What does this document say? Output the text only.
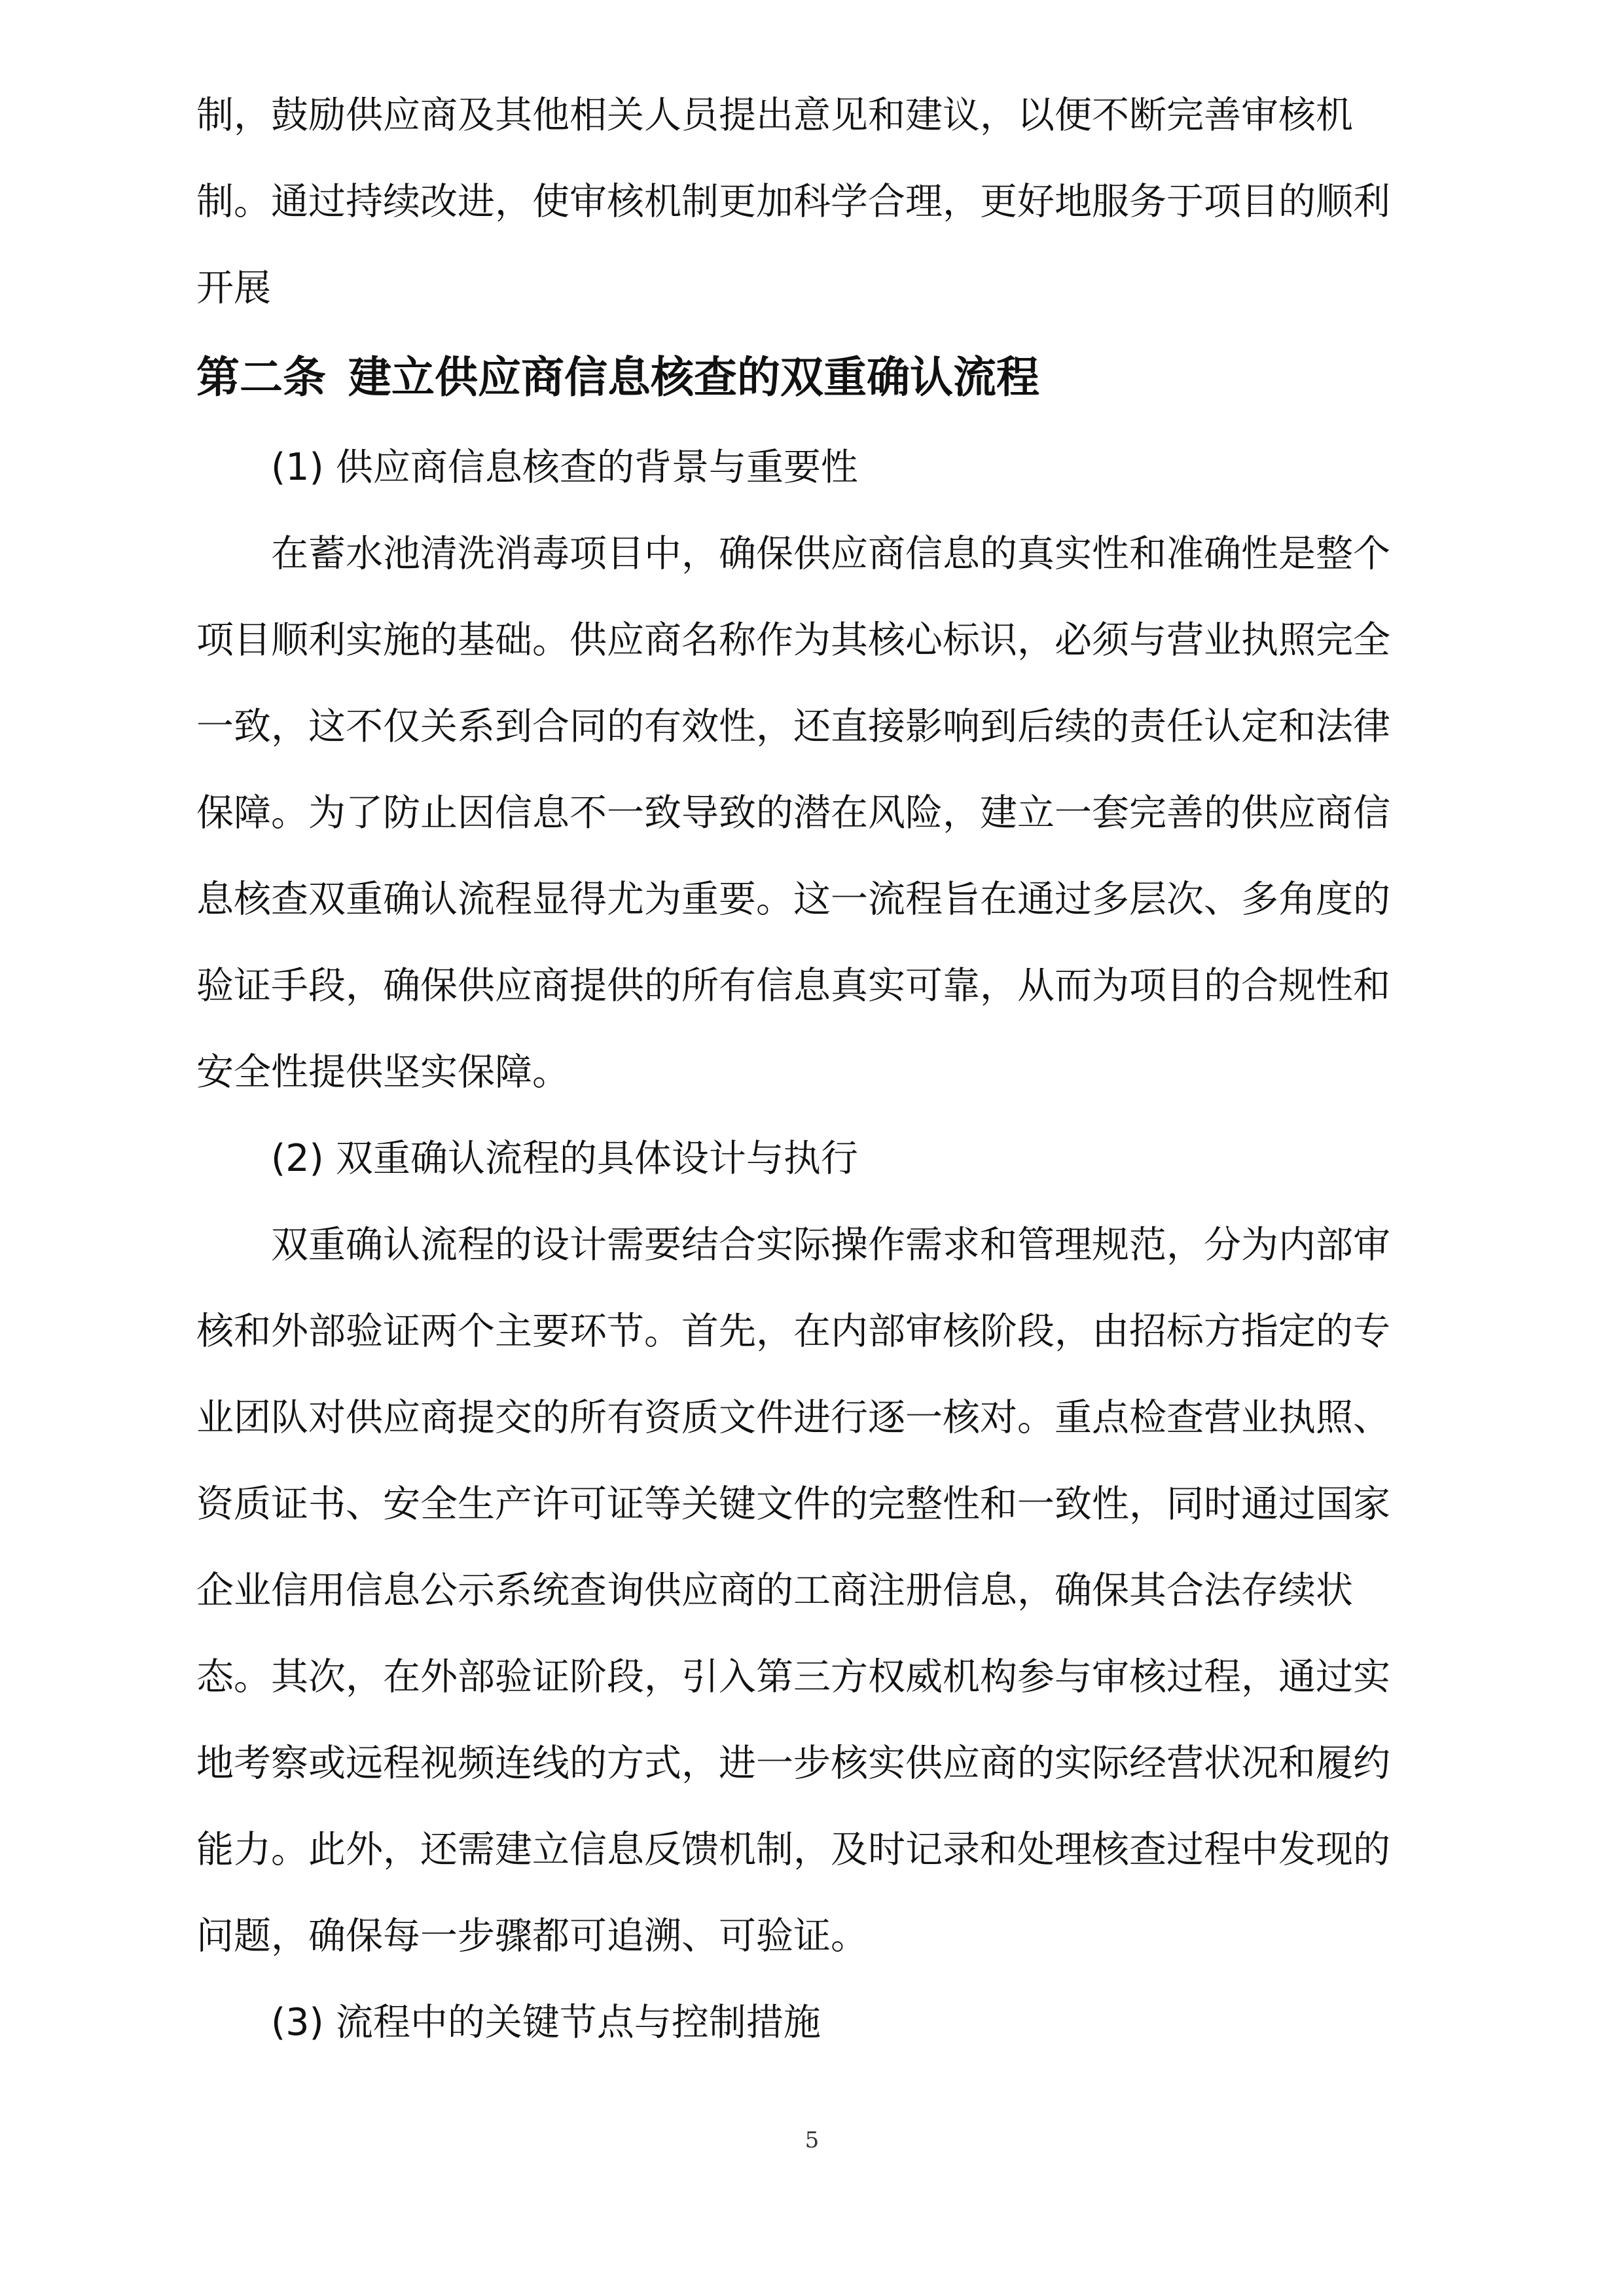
制，鼓励供应商及其他相关人员提出意见和建议，以便不断完善审核机
制。通过持续改进，使审核机制更加科学合理，更好地服务于项目的顺利
开展
第二条 建立供应商信息核查的双重确认流程
(1) 供应商信息核查的背景与重要性
在蓄水池清洗消毒项目中，确保供应商信息的真实性和准确性是整个
项目顺利实施的基础。供应商名称作为其核心标识，必须与营业执照完全
一致，这不仅关系到合同的有效性，还直接影响到后续的责任认定和法律
保障。为了防止因信息不一致导致的潜在风险，建立一套完善的供应商信
息核查双重确认流程显得尤为重要。这一流程旨在通过多层次、多角度的
验证手段，确保供应商提供的所有信息真实可靠，从而为项目的合规性和
安全性提供坚实保障。
(2) 双重确认流程的具体设计与执行
双重确认流程的设计需要结合实际操作需求和管理规范，分为内部审
核和外部验证两个主要环节。首先，在内部审核阶段，由招标方指定的专
业团队对供应商提交的所有资质文件进行逐一核对。重点检查营业执照、
资质证书、安全生产许可证等关键文件的完整性和一致性，同时通过国家
企业信用信息公示系统查询供应商的工商注册信息，确保其合法存续状
态。其次，在外部验证阶段，引入第三方权威机构参与审核过程，通过实
地考察或远程视频连线的方式，进一步核实供应商的实际经营状况和履约
能力。此外，还需建立信息反馈机制，及时记录和处理核查过程中发现的
问题，确保每一步骤都可追溯、可验证。
(3) 流程中的关键节点与控制措施
5
